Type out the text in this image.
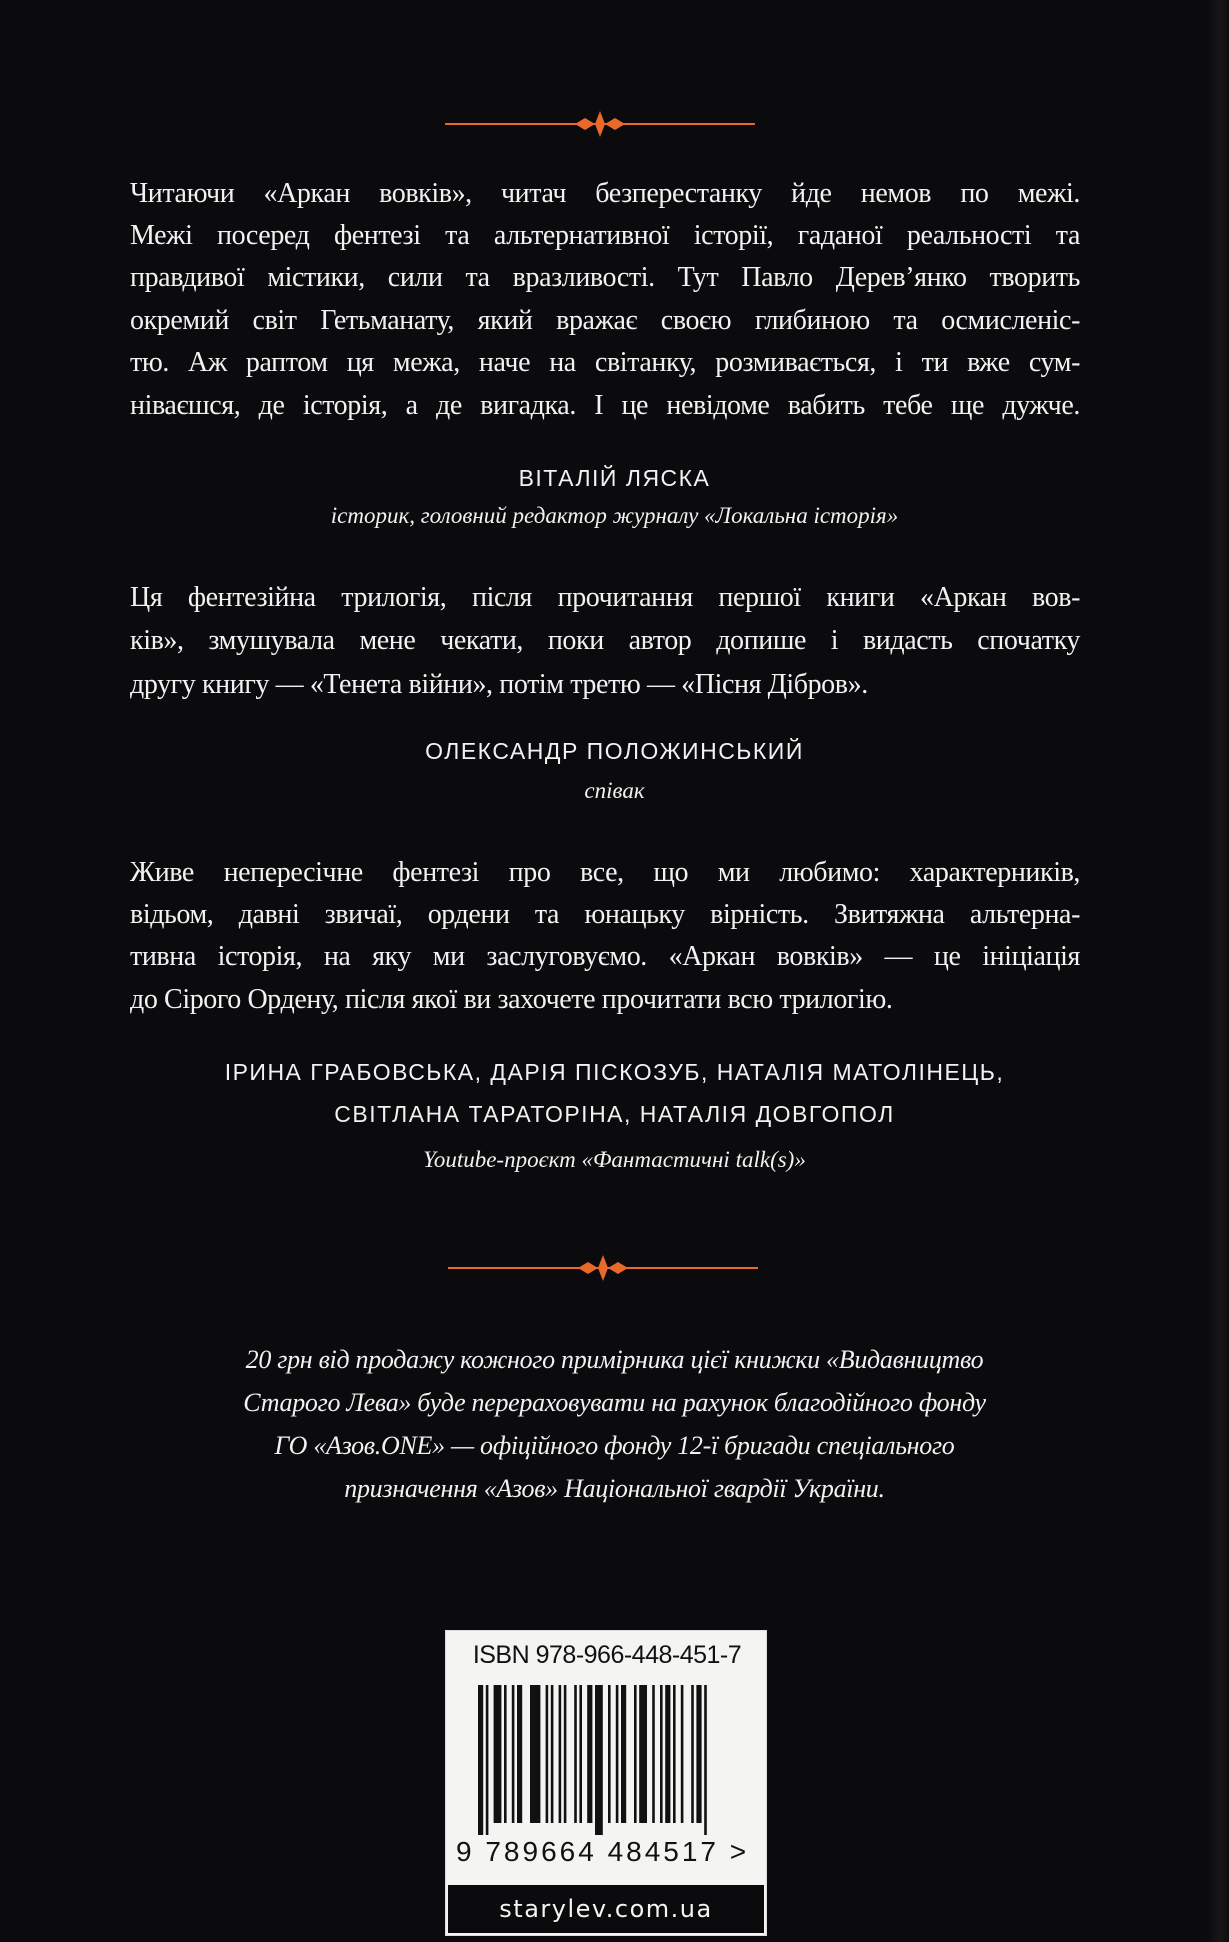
Читаючи «Аркан вовків», читач безперестанку йде немов по межі.
Межі посеред фентезі та альтернативної історії, гаданої реальності та
правдивої містики, сили та вразливості. Тут Павло Дерев’янко творить
окремий світ Гетьманату, який вражає своєю глибиною та осмисленіс-
тю. Аж раптом ця межа, наче на світанку, розмивається, і ти вже сум-
ніваєшся, де історія, а де вигадка. І це невідоме вабить тебе ще дужче.
ВІТАЛІЙ ЛЯСКА
історик, головний редактор журналу «Локальна історія»
Ця фентезійна трилогія, після прочитання першої книги «Аркан вов-
ків», змушувала мене чекати, поки автор допише і видасть спочатку
другу книгу — «Тенета війни», потім третю — «Пісня Дібров».
ОЛЕКСАНДР ПОЛОЖИНСЬКИЙ
співак
Живе непересічне фентезі про все, що ми любимо: характерників,
відьом, давні звичаї, ордени та юнацьку вірність. Звитяжна альтерна-
тивна історія, на яку ми заслуговуємо. «Аркан вовків» — це ініціація
до Сірого Ордену, після якої ви захочете прочитати всю трилогію.
ІРИНА ГРАБОВСЬКА, ДАРІЯ ПІСКОЗУБ, НАТАЛІЯ МАТОЛІНЕЦЬ,
СВІТЛАНА ТАРАТОРІНА, НАТАЛІЯ ДОВГОПОЛ
Youtube-проєкт «Фантастичні talk(s)»
20 грн від продажу кожного примірника цієї книжки «Видавництво
Старого Лева» буде перераховувати на рахунок благодійного фонду
ГО «Азов.ONE» — офіційного фонду 12-ї бригади спеціального
призначення «Азов» Національної гвардії України.
ISBN 978-966-448-451-7
9 789664 484517 >
starylev.com.ua
